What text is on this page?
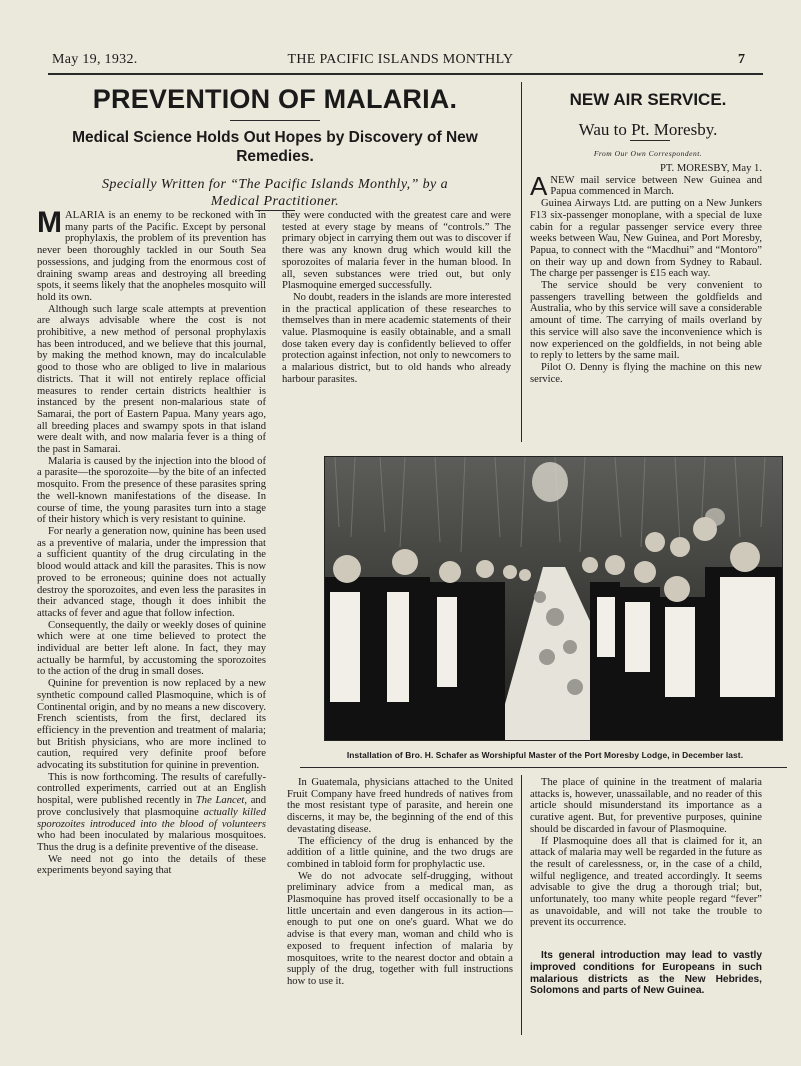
May 19, 1932.	THE PACIFIC ISLANDS MONTHLY	7
PREVENTION OF MALARIA.
Medical Science Holds Out Hopes by Discovery of New
Remedies.
Specially Written for “The Pacific Islands Monthly,” by a
Medical Practitioner.

MALARIA is an enemy to be reckoned with in many parts of the Pacific. Except by personal prophylaxis, the problem of its prevention has never been thoroughly tackled in our South Sea possessions, and judging from the enormous cost of draining swamp areas and destroying all breeding spots, it seems likely that the anopheles mosquito will hold its own.

Although such large scale attempts at prevention are always advisable where the cost is not prohibitive, a new method of personal prophylaxis has been introduced, and we believe that this journal, by making the method known, may do incalculable good to those who are obliged to live in malarious districts. That it will not entirely replace official measures to render certain districts healthier is instanced by the present non-malarious state of Samarai, the port of Eastern Papua. Many years ago, all breeding places and swampy spots in that island were dealt with, and now malaria fever is a thing of the past in Samarai.

Malaria is caused by the injection into the blood of a parasite—the sporozoite—by the bite of an infected mosquito. From the presence of these parasites spring the well-known manifestations of the disease. In course of time, the young parasites turn into a stage of their history which is very resistant to quinine.

For nearly a generation now, quinine has been used as a preventive of malaria, under the impression that a sufficient quantity of the drug circulating in the blood would attack and kill the parasites. This is now proved to be erroneous; quinine does not actually destroy the sporozoites, and even less the parasites in their advanced stage, though it does inhibit the attacks of fever and ague that follow infection.

Consequently, the daily or weekly doses of quinine which were at one time believed to protect the individual are better left alone. In fact, they may actually be harmful, by accustoming the sporozoites to the action of the drug in small doses.

Quinine for prevention is now replaced by a new synthetic compound called Plasmoquine, which is of Continental origin, and by no means a new discovery. French scientists, from the first, declared its efficiency in the prevention and treatment of malaria; but British physicians, who are more inclined to caution, required very definite proof before advocating its substitution for quinine in prevention.

This is now forthcoming. The results of carefully-controlled experiments, carried out at an English hospital, were published recently in The Lancet, and prove conclusively that plasmoquine actually killed sporozoites introduced into the blood of volunteers who had been inoculated by malarious mosquitoes. Thus the drug is a definite preventive of the disease.

We need not go into the details of these experiments beyond saying that

they were conducted with the greatest care and were tested at every stage by means of “controls.” The primary object in carrying them out was to discover if there was any known drug which would kill the sporozoites of malaria fever in the human blood. In all, seven substances were tried out, but only Plasmoquine emerged successfully.

No doubt, readers in the islands are more interested in the practical application of these researches to themselves than in mere academic statements of their value. Plasmoquine is easily obtainable, and a small dose taken every day is confidently believed to offer protection against infection, not only to newcomers to a malarious district, but to old hands who already harbour parasites.

NEW AIR SERVICE.
Wau to Pt. Moresby.
From Our Own Correspondent.

PT. MORESBY, May 1.

ANEW mail service between New Guinea and Papua commenced in March.

Guinea Airways Ltd. are putting on a New Junkers F13 six-passenger monoplane, with a special de luxe cabin for a regular passenger service every three weeks between Wau, New Guinea, and Port Moresby, Papua, to connect with the “Macdhui” and “Montoro” on their way up and down from Sydney to Rabaul. The charge per passenger is £15 each way.

The service should be very convenient to passengers travelling between the goldfields and Australia, who by this service will save a considerable amount of time. The carrying of mails overland by this service will also save the inconvenience which is now experienced on the goldfields, in not being able to reply to letters by the same mail.

Pilot O. Denny is flying the machine on this new service.

Installation of Bro. H. Schafer as Worshipful Master of the Port Moresby Lodge, in December last.

In Guatemala, physicians attached to the United Fruit Company have freed hundreds of natives from the most resistant type of parasite, and herein one discerns, it may be, the beginning of the end of this devastating disease.

The efficiency of the drug is enhanced by the addition of a little quinine, and the two drugs are combined in tabloid form for prophylactic use.

We do not advocate self-drugging, without preliminary advice from a medical man, as Plasmoquine has proved itself occasionally to be a little uncertain and even dangerous in its action—enough to put one on one's guard. What we do advise is that every man, woman and child who is exposed to frequent infection of malaria by mosquitoes, write to the nearest doctor and obtain a supply of the drug, together with full instructions how to use it.

The place of quinine in the treatment of malaria attacks is, however, unassailable, and no reader of this article should misunderstand its importance as a curative agent. But, for preventive purposes, quinine should be discarded in favour of Plasmoquine.

If Plasmoquine does all that is claimed for it, an attack of malaria may well be regarded in the future as the result of carelessness, or, in the case of a child, wilful negligence, and treated accordingly. It seems advisable to give the drug a thorough trial; but, unfortunately, too many white people regard “fever” as unavoidable, and will not take the trouble to prevent its occurrence.

Its general introduction may lead to vastly improved conditions for Europeans in such malarious districts as the New Hebrides, Solomons and parts of New Guinea.
